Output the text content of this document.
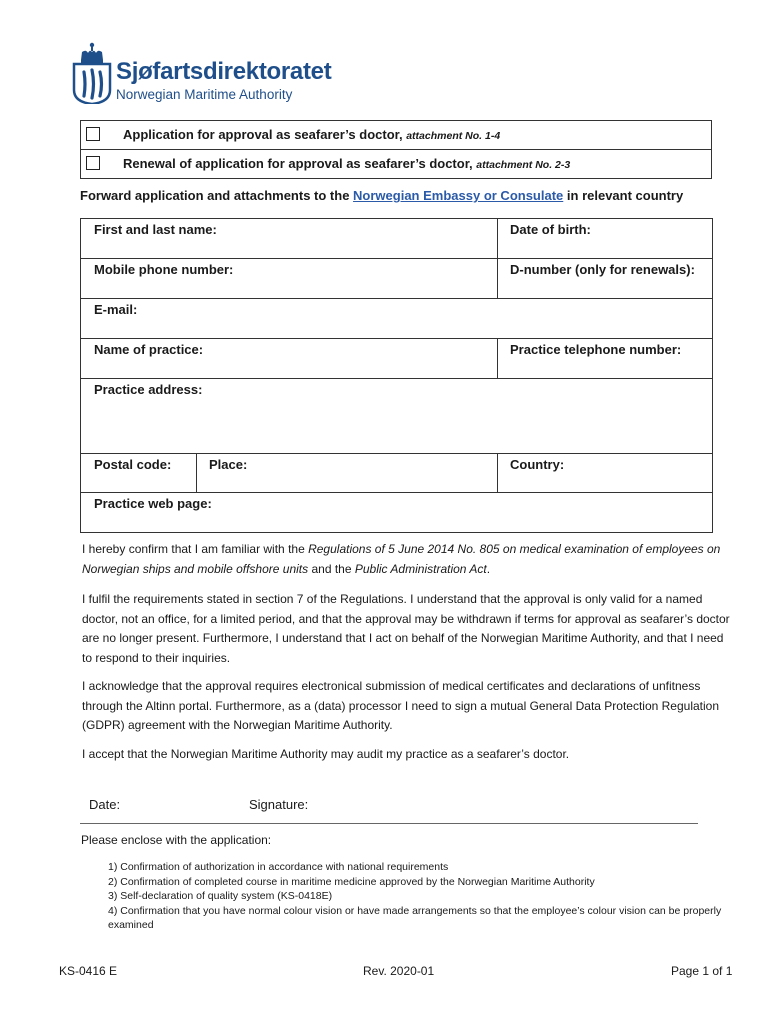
Sjøfartsdirektoratet
Norwegian Maritime Authority
Application for approval as seafarer’s doctor, attachment No. 1-4
Renewal of application for approval as seafarer’s doctor, attachment No. 2-3
Forward application and attachments to the Norwegian Embassy or Consulate in relevant country
First and last name:	Date of birth:
Mobile phone number:	D-number (only for renewals):
E-mail:
Name of practice:	Practice telephone number:
Practice address:
Postal code:	Place:	Country:
Practice web page:
I hereby confirm that I am familiar with the Regulations of 5 June 2014 No. 805 on medical examination of employees on Norwegian ships and mobile offshore units and the Public Administration Act.
I fulfil the requirements stated in section 7 of the Regulations. I understand that the approval is only valid for a named doctor, not an office, for a limited period, and that the approval may be withdrawn if terms for approval as seafarer’s doctor are no longer present. Furthermore, I understand that I act on behalf of the Norwegian Maritime Authority, and that I need to respond to their inquiries.
I acknowledge that the approval requires electronical submission of medical certificates and declarations of unfitness through the Altinn portal. Furthermore, as a (data) processor I need to sign a mutual General Data Protection Regulation (GDPR) agreement with the Norwegian Maritime Authority.
I accept that the Norwegian Maritime Authority may audit my practice as a seafarer’s doctor.
Date:	Signature:
Please enclose with the application:
1) Confirmation of authorization in accordance with national requirements
2) Confirmation of completed course in maritime medicine approved by the Norwegian Maritime Authority
3) Self-declaration of quality system (KS-0418E)
4) Confirmation that you have normal colour vision or have made arrangements so that the employee’s colour vision can be properly examined
KS-0416 E	Rev. 2020-01	Page 1 of 1
